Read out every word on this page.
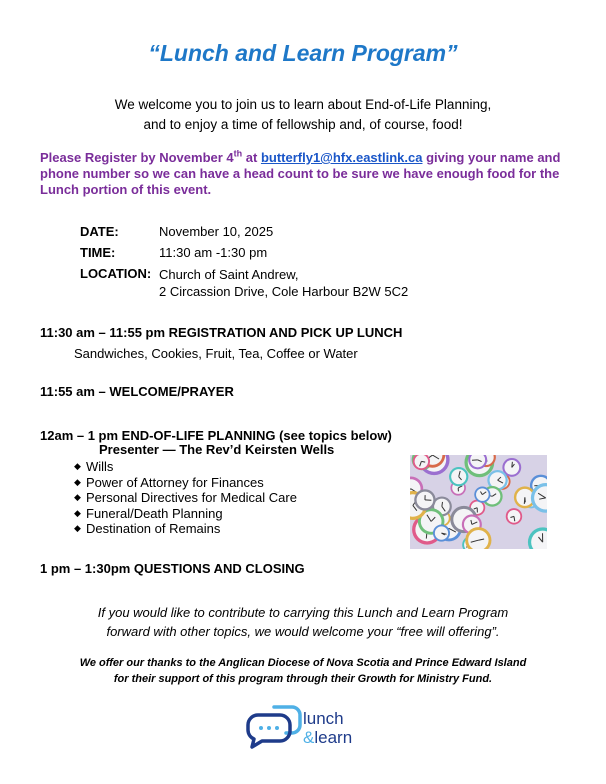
“Lunch and Learn Program”
We welcome you to join us to learn about End-of-Life Planning,
and to enjoy a time of fellowship and, of course, food!
Please Register by November 4th at butterfly1@hfx.eastlink.ca giving your name and phone number so we can have a head count to be sure we have enough food for the Lunch portion of this event.
DATE:	November 10, 2025
TIME:	11:30 am -1:30 pm
LOCATION: Church of Saint Andrew,
2 Circassion Drive, Cole Harbour B2W 5C2
11:30 am – 11:55 pm REGISTRATION AND PICK UP LUNCH
Sandwiches, Cookies, Fruit, Tea, Coffee or Water
11:55 am – WELCOME/PRAYER
12am – 1 pm END-OF-LIFE PLANNING (see topics below)
Presenter — The Rev’d Keirsten Wells
◆ Wills
◆ Power of Attorney for Finances
◆ Personal Directives for Medical Care
◆ Funeral/Death Planning
◆ Destination of Remains
1 pm – 1:30pm QUESTIONS AND CLOSING
If you would like to contribute to carrying this Lunch and Learn Program
forward with other topics, we would welcome your “free will offering”.
We offer our thanks to the Anglican Diocese of Nova Scotia and Prince Edward Island
for their support of this program through their Growth for Ministry Fund.
lunch
&learn
